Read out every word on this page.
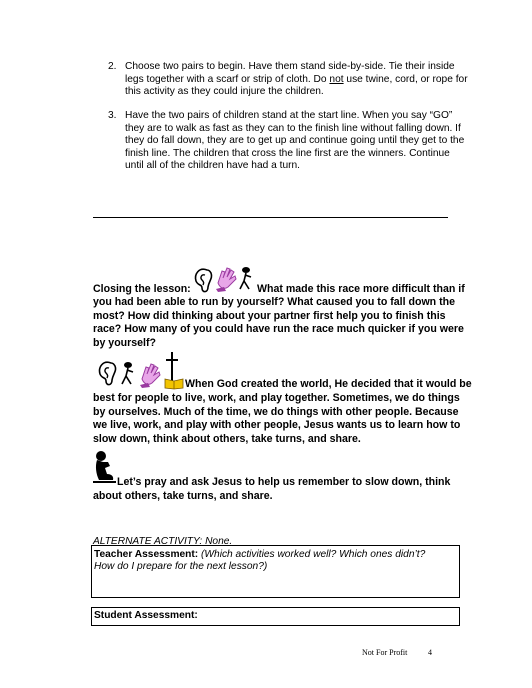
2. Choose two pairs to begin. Have them stand side-by-side. Tie their inside legs together with a scarf or strip of cloth. Do not use twine, cord, or rope for this activity as they could injure the children.
3. Have the two pairs of children stand at the start line. When you say “GO” they are to walk as fast as they can to the finish line without falling down. If they do fall down, they are to get up and continue going until they get to the finish line. The children that cross the line first are the winners. Continue until all of the children have had a turn.
Closing the lesson:	What made this race more difficult than if
you had been able to run by yourself? What caused you to fall down the most? How did thinking about your partner first help you to finish this race? How many of you could have run the race much quicker if you were by yourself?
When God created the world, He decided that it would be
best for people to live, work, and play together. Sometimes, we do things by ourselves. Much of the time, we do things with other people. Because we live, work, and play with other people, Jesus wants us to learn how to slow down, think about others, take turns, and share.
Let’s pray and ask Jesus to help us remember to slow down, think
about others, take turns, and share.
ALTERNATE ACTIVITY: None.
Teacher Assessment: (Which activities worked well? Which ones didn’t?
How do I prepare for the next lesson?)
Student Assessment:
Not For Profit	4
